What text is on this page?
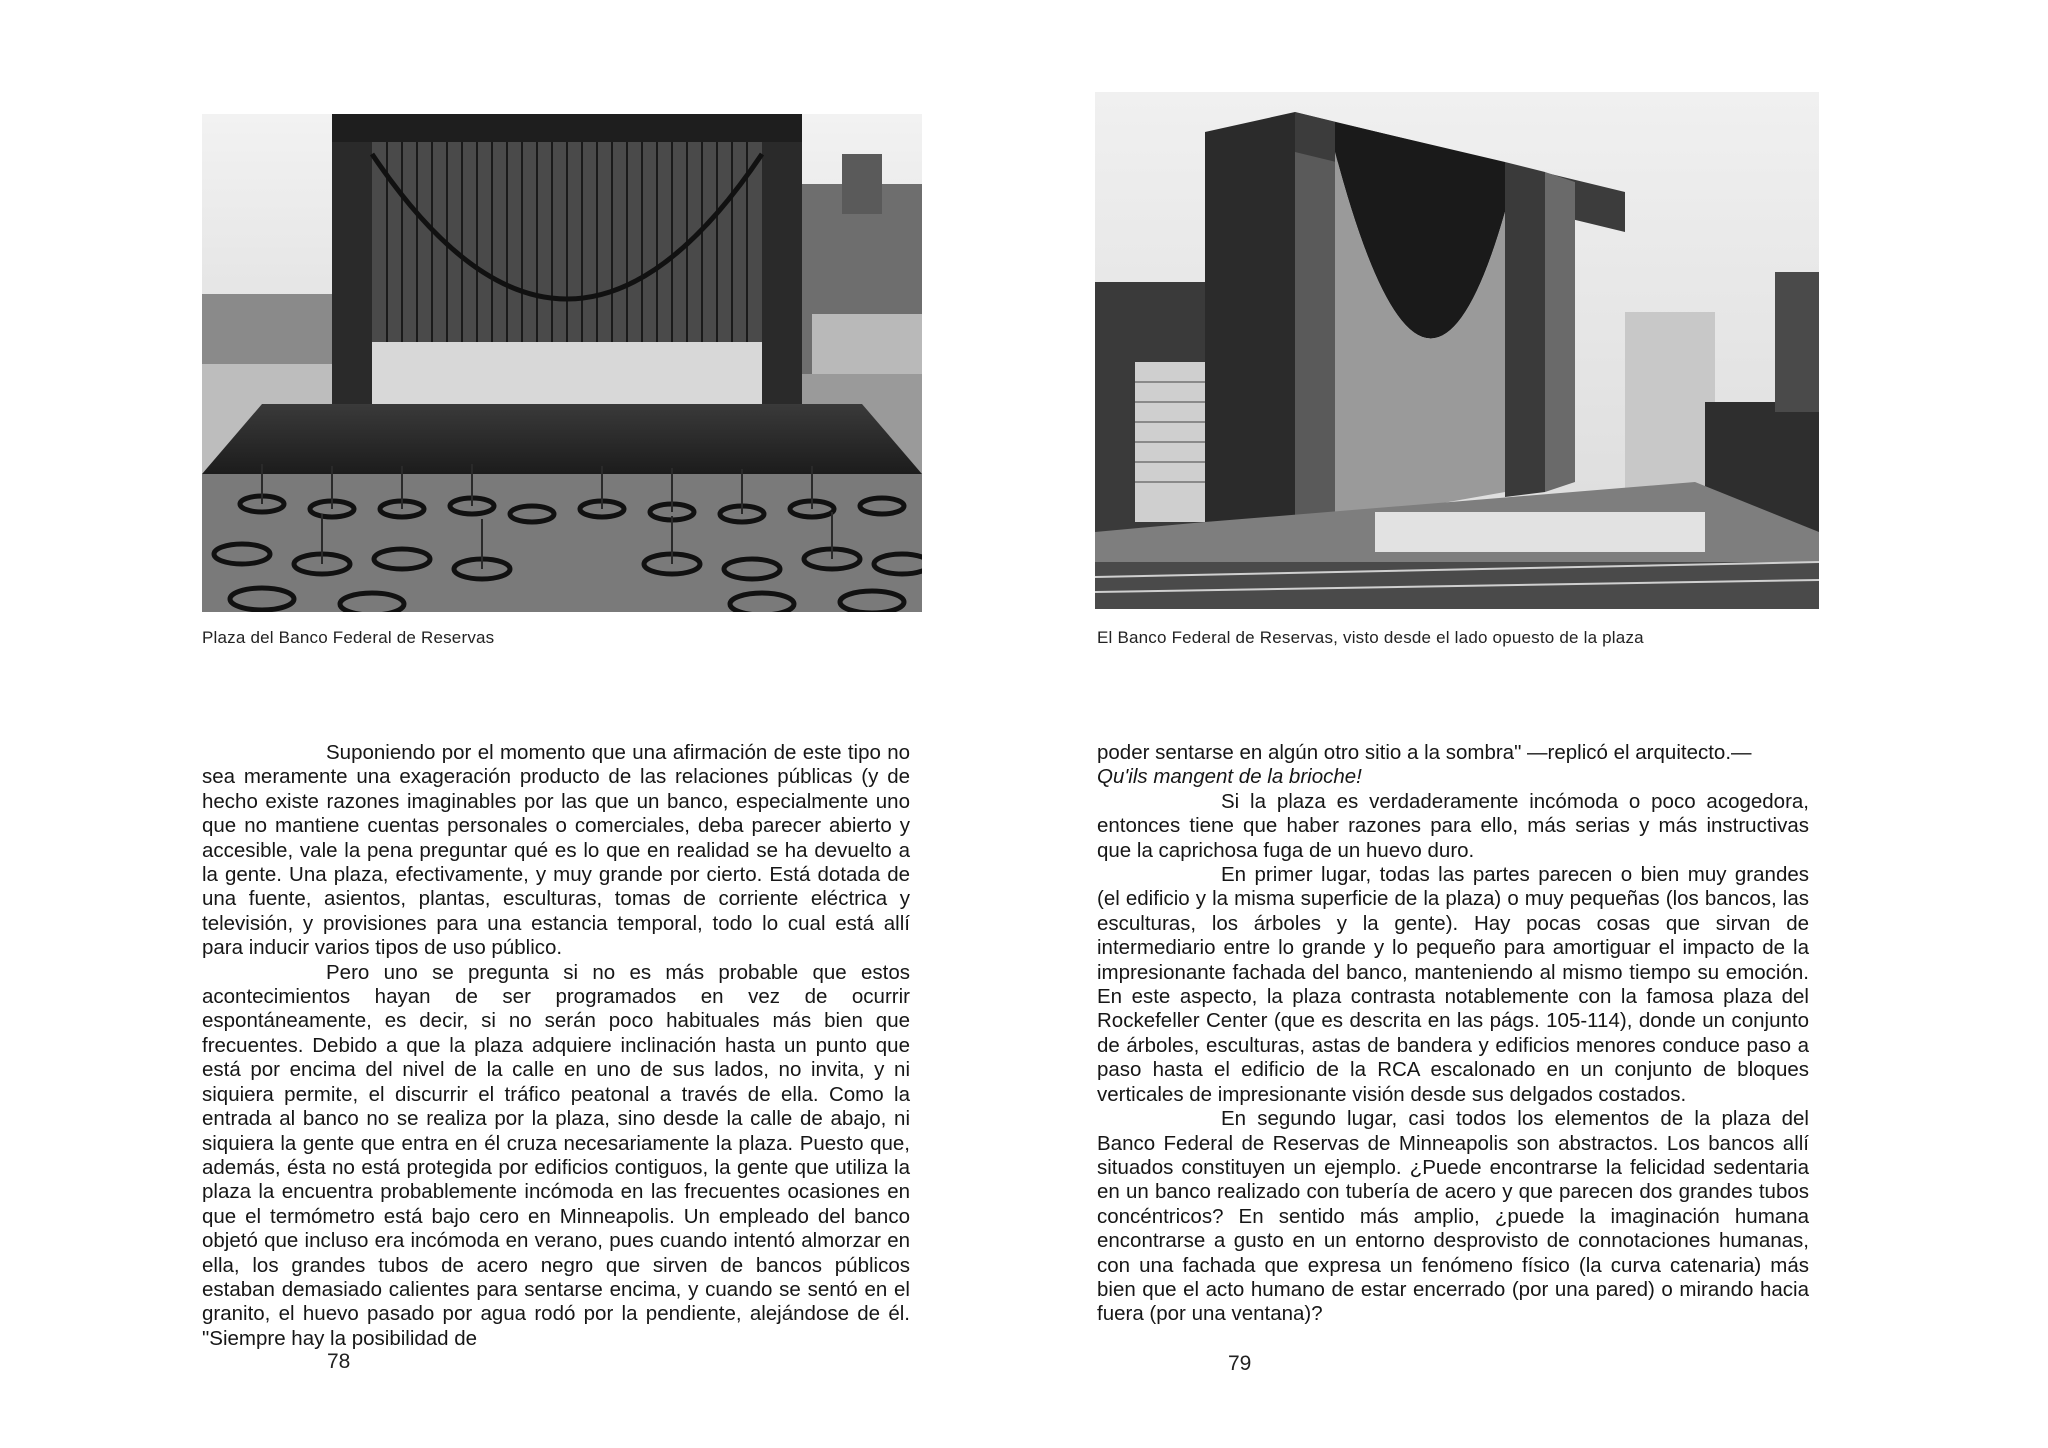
Plaza del Banco Federal de Reservas

Suponiendo por el momento que una afirmación de este tipo no sea meramente una exageración producto de las relaciones públicas (y de hecho existe razones imaginables por las que un banco, especialmente uno que no mantiene cuentas personales o comerciales, deba parecer abierto y accesible, vale la pena preguntar qué es lo que en realidad se ha devuelto a la gente. Una plaza, efectivamente, y muy grande por cierto. Está dotada de una fuente, asientos, plantas, esculturas, tomas de corriente eléctrica y televisión, y provisiones para una estancia temporal, todo lo cual está allí para inducir varios tipos de uso público.

Pero uno se pregunta si no es más probable que estos acontecimientos hayan de ser programados en vez de ocurrir espontáneamente, es decir, si no serán poco habituales más bien que frecuentes. Debido a que la plaza adquiere inclinación hasta un punto que está por encima del nivel de la calle en uno de sus lados, no invita, y ni siquiera permite, el discurrir el tráfico peatonal a través de ella. Como la entrada al banco no se realiza por la plaza, sino desde la calle de abajo, ni siquiera la gente que entra en él cruza necesariamente la plaza. Puesto que, además, ésta no está protegida por edificios contiguos, la gente que utiliza la plaza la encuentra probablemente incómoda en las frecuentes ocasiones en que el termómetro está bajo cero en Minneapolis. Un empleado del banco objetó que incluso era incómoda en verano, pues cuando intentó almorzar en ella, los grandes tubos de acero negro que sirven de bancos públicos estaban demasiado calientes para sentarse encima, y cuando se sentó en el granito, el huevo pasado por agua rodó por la pendiente, alejándose de él. "Siempre hay la posibilidad de

78
El Banco Federal de Reservas, visto desde el lado opuesto de la plaza

poder sentarse en algún otro sitio a la sombra" —replicó el arquitecto.—

Qu'ils mangent de la brioche!

Si la plaza es verdaderamente incómoda o poco acogedora, entonces tiene que haber razones para ello, más serias y más instructivas que la caprichosa fuga de un huevo duro.

En primer lugar, todas las partes parecen o bien muy grandes (el edificio y la misma superficie de la plaza) o muy pequeñas (los bancos, las esculturas, los árboles y la gente). Hay pocas cosas que sirvan de intermediario entre lo grande y lo pequeño para amortiguar el impacto de la impresionante fachada del banco, manteniendo al mismo tiempo su emoción. En este aspecto, la plaza contrasta notablemente con la famosa plaza del Rockefeller Center (que es descrita en las págs. 105-114), donde un conjunto de árboles, esculturas, astas de bandera y edificios menores conduce paso a paso hasta el edificio de la RCA escalonado en un conjunto de bloques verticales de impresionante visión desde sus delgados costados.

En segundo lugar, casi todos los elementos de la plaza del Banco Federal de Reservas de Minneapolis son abstractos. Los bancos allí situados constituyen un ejemplo. ¿Puede encontrarse la felicidad sedentaria en un banco realizado con tubería de acero y que parecen dos grandes tubos concéntricos? En sentido más amplio, ¿puede la imaginación humana encontrarse a gusto en un entorno desprovisto de connotaciones humanas, con una fachada que expresa un fenómeno físico (la curva catenaria) más bien que el acto humano de estar encerrado (por una pared) o mirando hacia fuera (por una ventana)?

79
